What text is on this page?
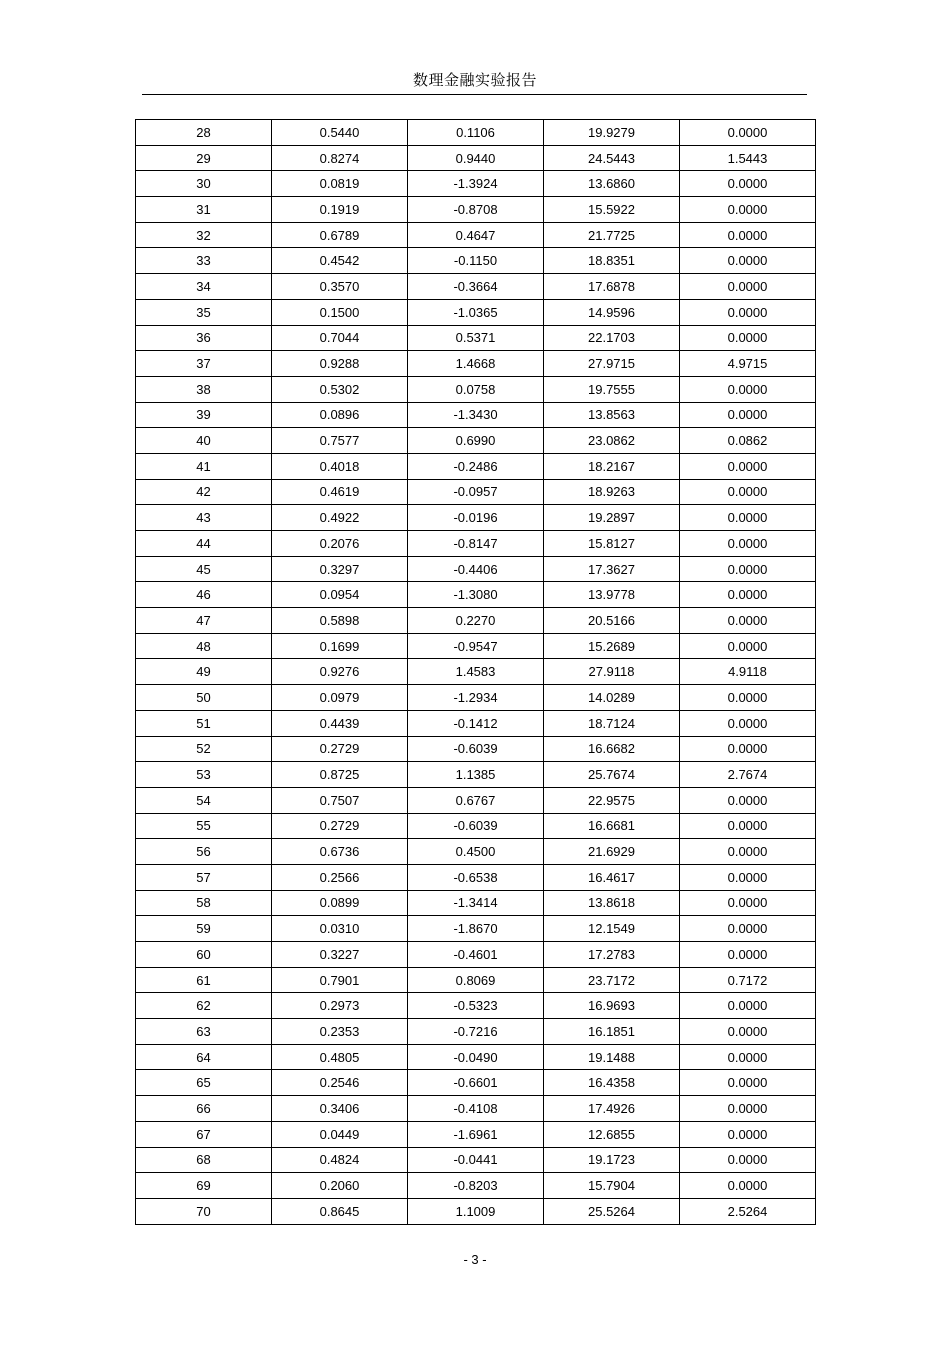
数理金融实验报告
28	0.5440	0.1106	19.9279	0.0000
29	0.8274	0.9440	24.5443	1.5443
30	0.0819	-1.3924	13.6860	0.0000
31	0.1919	-0.8708	15.5922	0.0000
32	0.6789	0.4647	21.7725	0.0000
33	0.4542	-0.1150	18.8351	0.0000
34	0.3570	-0.3664	17.6878	0.0000
35	0.1500	-1.0365	14.9596	0.0000
36	0.7044	0.5371	22.1703	0.0000
37	0.9288	1.4668	27.9715	4.9715
38	0.5302	0.0758	19.7555	0.0000
39	0.0896	-1.3430	13.8563	0.0000
40	0.7577	0.6990	23.0862	0.0862
41	0.4018	-0.2486	18.2167	0.0000
42	0.4619	-0.0957	18.9263	0.0000
43	0.4922	-0.0196	19.2897	0.0000
44	0.2076	-0.8147	15.8127	0.0000
45	0.3297	-0.4406	17.3627	0.0000
46	0.0954	-1.3080	13.9778	0.0000
47	0.5898	0.2270	20.5166	0.0000
48	0.1699	-0.9547	15.2689	0.0000
49	0.9276	1.4583	27.9118	4.9118
50	0.0979	-1.2934	14.0289	0.0000
51	0.4439	-0.1412	18.7124	0.0000
52	0.2729	-0.6039	16.6682	0.0000
53	0.8725	1.1385	25.7674	2.7674
54	0.7507	0.6767	22.9575	0.0000
55	0.2729	-0.6039	16.6681	0.0000
56	0.6736	0.4500	21.6929	0.0000
57	0.2566	-0.6538	16.4617	0.0000
58	0.0899	-1.3414	13.8618	0.0000
59	0.0310	-1.8670	12.1549	0.0000
60	0.3227	-0.4601	17.2783	0.0000
61	0.7901	0.8069	23.7172	0.7172
62	0.2973	-0.5323	16.9693	0.0000
63	0.2353	-0.7216	16.1851	0.0000
64	0.4805	-0.0490	19.1488	0.0000
65	0.2546	-0.6601	16.4358	0.0000
66	0.3406	-0.4108	17.4926	0.0000
67	0.0449	-1.6961	12.6855	0.0000
68	0.4824	-0.0441	19.1723	0.0000
69	0.2060	-0.8203	15.7904	0.0000
70	0.8645	1.1009	25.5264	2.5264
- 3 -
